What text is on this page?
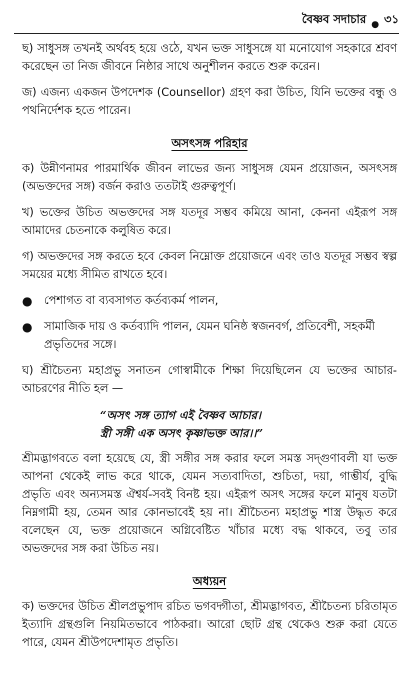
বৈষ্ণব সদাচার ● ৩১

ছ) সাধুসঙ্গ তখনই অর্থবহ হয়ে ওঠে, যখন ভক্ত সাধুসঙ্গে যা মনোযোগ সহকারে শ্রবণ করেছেন তা নিজ জীবনে নিষ্ঠার সাথে অনুশীলন করতে শুরু করেন।

জ) এজন্য একজন উপদেশক (Counsellor) গ্রহণ করা উচিত, যিনি ভক্তের বন্ধু ও পথনির্দেশক হতে পারেন।

অসৎসঙ্গ পরিহার

ক) উন্নীণনামর পারমার্থিক জীবন লাভের জন্য সাধুসঙ্গ যেমন প্রয়োজন, অসৎসঙ্গ (অভক্তদের সঙ্গ) বর্জন করাও ততটাই গুরুত্বপূর্ণ।

খ) ভক্তের উচিত অভক্তদের সঙ্গ যতদূর সম্ভব কমিয়ে আনা, কেননা এইরূপ সঙ্গ আমাদের চেতনাকে কলুষিত করে।

গ) অভক্তদের সঙ্গ করতে হবে কেবল নিম্নোক্ত প্রয়োজনে এবং তাও যতদূর সম্ভব স্বল্প সময়ের মধ্যে সীমিত রাখতে হবে।

●	পেশাগত বা ব্যবসাগত কর্তব্যকর্ম পালন,
●	সামাজিক দায় ও কর্তব্যাদি পালন, যেমন ঘনিষ্ঠ স্বজনবর্গ, প্রতিবেশী, সহকর্মী প্রভৃতিদের সঙ্গে।

ঘ) শ্রীচৈতন্য মহাপ্রভু সনাতন গোস্বামীকে শিক্ষা দিয়েছিলেন যে ভক্তের আচার-আচরণের নীতি হল —

“অসৎ সঙ্গ ত্যাগ এই বৈষ্ণব আচার।
স্ত্রী সঙ্গী এক অসৎ কৃষ্ণাভক্ত আর।।”

শ্রীমদ্ভাগবতে বলা হয়েছে যে, স্ত্রী সঙ্গীর সঙ্গ করার ফলে সমস্ত সদ্‌গুণাবলী যা ভক্ত আপনা থেকেই লাভ করে থাকে, যেমন সত্যবাদিতা, শুচিতা, দয়া, গাম্ভীর্য, বুদ্ধি প্রভৃতি এবং অন্যসমস্ত ঐশ্বর্য-সবই বিনষ্ট হয়। এইরূপ অসৎ সঙ্গের ফলে মানুষ যতটা নিম্নগামী হয়, তেমন আর কোনভাবেই হয় না। শ্রীচৈতন্য মহাপ্রভু শাস্ত্র উদ্ধৃত করে বলেছেন যে, ভক্ত প্রয়োজনে অগ্নিবেষ্টিত খাঁচার মধ্যে বদ্ধ থাকবে, তবু তার অভক্তদের সঙ্গ করা উচিত নয়।

অধ্যয়ন

ক) ভক্তদের উচিত শ্রীলপ্রভুপাদ রচিত ভগবদ্গীতা, শ্রীমদ্ভাগবত, শ্রীচৈতন্য চরিতামৃত ইত্যাদি গ্রন্থগুলি নিয়মিতভাবে পাঠকরা। আরো ছোট গ্রন্থ থেকেও শুরু করা যেতে পারে, যেমন শ্রীউপদেশামৃত প্রভৃতি।
